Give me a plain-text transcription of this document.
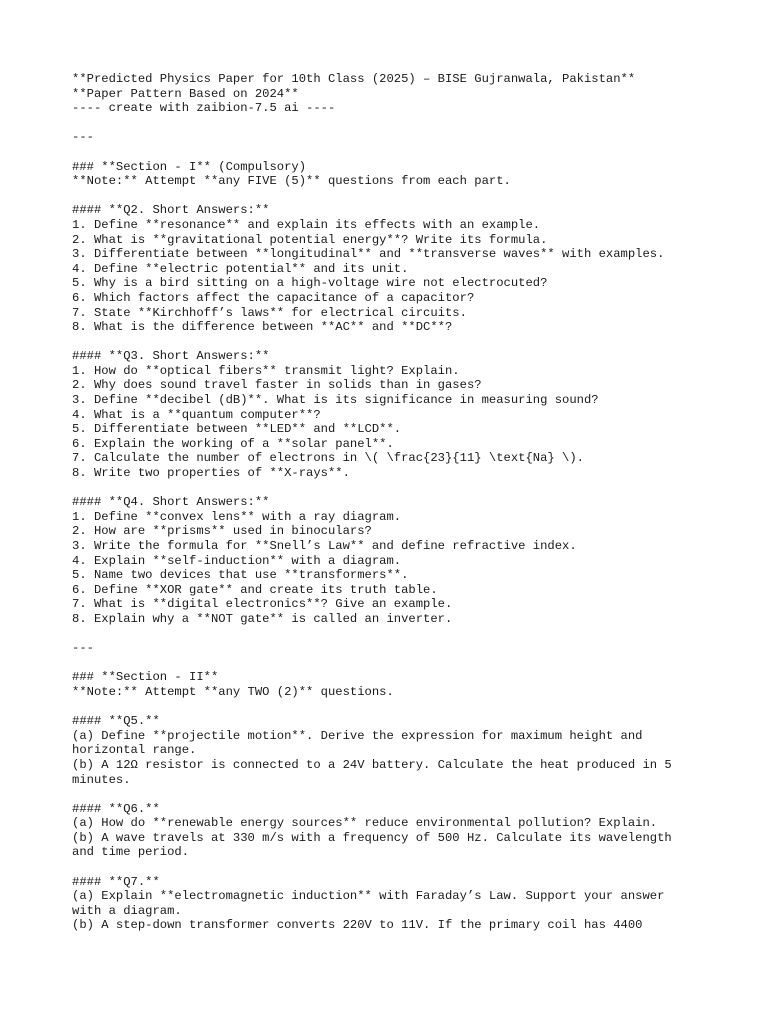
**Predicted Physics Paper for 10th Class (2025) – BISE Gujranwala, Pakistan**
**Paper Pattern Based on 2024**
---- create with zaibion-7.5 ai ----
---
### **Section - I** (Compulsory)
**Note:** Attempt **any FIVE (5)** questions from each part.
#### **Q2. Short Answers:**
1. Define **resonance** and explain its effects with an example.
2. What is **gravitational potential energy**? Write its formula.
3. Differentiate between **longitudinal** and **transverse waves** with examples.
4. Define **electric potential** and its unit.
5. Why is a bird sitting on a high-voltage wire not electrocuted?
6. Which factors affect the capacitance of a capacitor?
7. State **Kirchhoff’s laws** for electrical circuits.
8. What is the difference between **AC** and **DC**?
#### **Q3. Short Answers:**
1. How do **optical fibers** transmit light? Explain.
2. Why does sound travel faster in solids than in gases?
3. Define **decibel (dB)**. What is its significance in measuring sound?
4. What is a **quantum computer**?
5. Differentiate between **LED** and **LCD**.
6. Explain the working of a **solar panel**.
7. Calculate the number of electrons in \( \frac{23}{11} \text{Na} \).
8. Write two properties of **X-rays**.
#### **Q4. Short Answers:**
1. Define **convex lens** with a ray diagram.
2. How are **prisms** used in binoculars?
3. Write the formula for **Snell’s Law** and define refractive index.
4. Explain **self-induction** with a diagram.
5. Name two devices that use **transformers**.
6. Define **XOR gate** and create its truth table.
7. What is **digital electronics**? Give an example.
8. Explain why a **NOT gate** is called an inverter.
---
### **Section - II**
**Note:** Attempt **any TWO (2)** questions.
#### **Q5.**
(a) Define **projectile motion**. Derive the expression for maximum height and
horizontal range.
(b) A 12Ω resistor is connected to a 24V battery. Calculate the heat produced in 5
minutes.
#### **Q6.**
(a) How do **renewable energy sources** reduce environmental pollution? Explain.
(b) A wave travels at 330 m/s with a frequency of 500 Hz. Calculate its wavelength
and time period.
#### **Q7.**
(a) Explain **electromagnetic induction** with Faraday’s Law. Support your answer
with a diagram.
(b) A step-down transformer converts 220V to 11V. If the primary coil has 4400
